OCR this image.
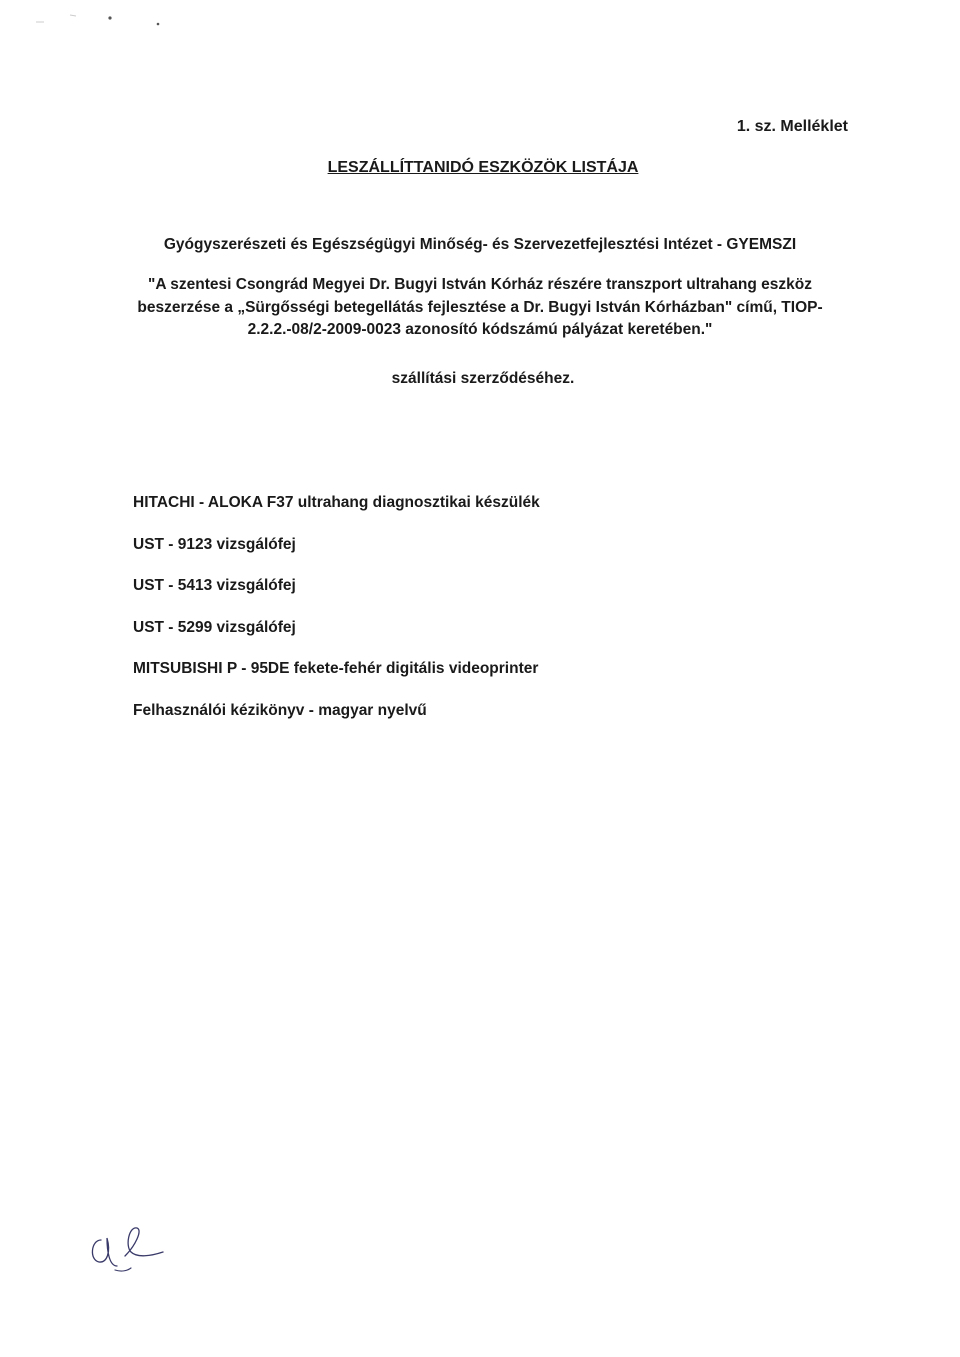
1. sz. Melléklet
LESZÁLLÍTTANIDÓ ESZKÖZÖK LISTÁJA

Gyógyszerészeti és Egészségügyi Minőség- és Szervezetfejlesztési Intézet - GYEMSZI

"A szentesi Csongrád Megyei Dr. Bugyi István Kórház részére transzport ultrahang eszköz beszerzése a „Sürgősségi betegellátás fejlesztése a Dr. Bugyi István Kórházban" című, TIOP-2.2.2.-08/2-2009-0023 azonosító kódszámú pályázat keretében."

szállítási szerződéséhez.
HITACHI - ALOKA F37 ultrahang diagnosztikai készülék
UST - 9123 vizsgálófej
UST - 5413 vizsgálófej
UST - 5299 vizsgálófej
MITSUBISHI P - 95DE fekete-fehér digitális videoprinter
Felhasználói kézikönyv - magyar nyelvű
